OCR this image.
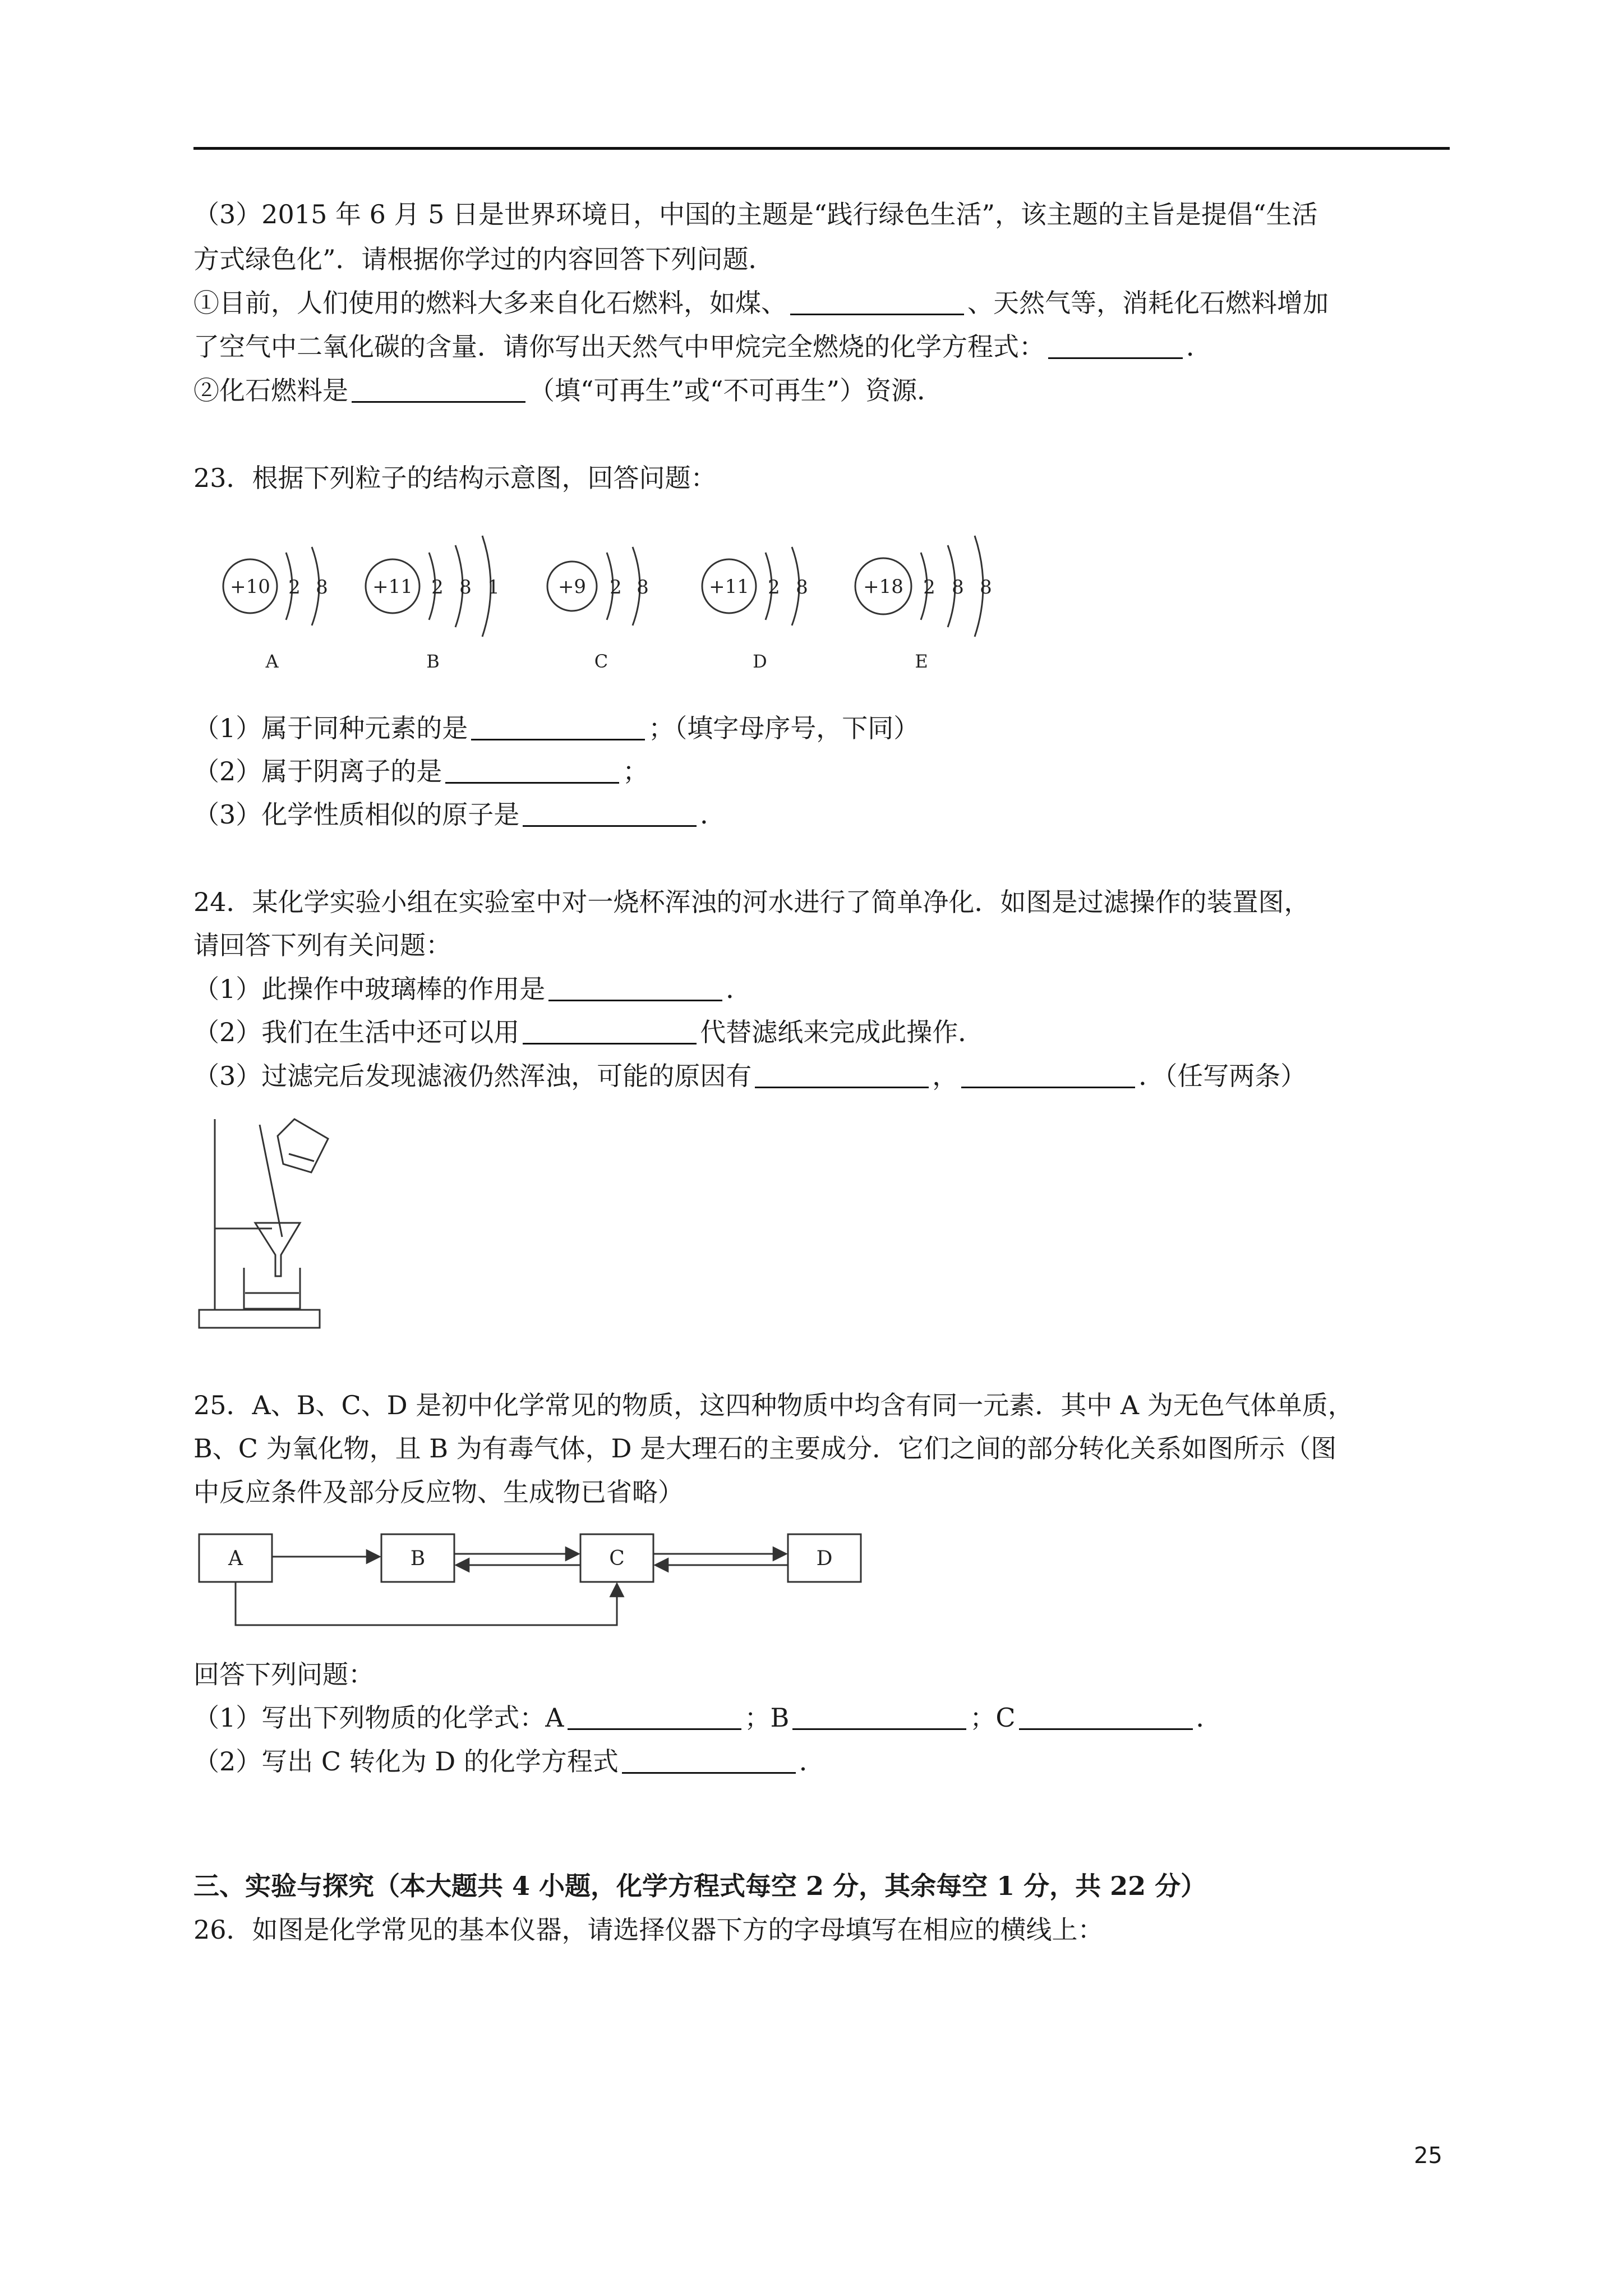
（3）2015 年 6 月 5 日是世界环境日，中国的主题是“践行绿色生活”，该主题的主旨是提倡“生活
方式绿色化”．请根据你学过的内容回答下列问题．
①目前，人们使用的燃料大多来自化石燃料，如煤、	、天然气等，消耗化石燃料增加
了空气中二氧化碳的含量．请你写出天然气中甲烷完全燃烧的化学方程式：	．
②化石燃料是	（填“可再生”或“不可再生”）资源．
23．根据下列粒子的结构示意图，回答问题：
+10 2 8
A
+11 2 8 1
B
+9 2 8
C
+11 2 8
D
+18 2 8 8
E
（1）属于同种元素的是	；（填字母序号，下同）
（2）属于阴离子的是	；
（3）化学性质相似的原子是	．
24．某化学实验小组在实验室中对一烧杯浑浊的河水进行了简单净化．如图是过滤操作的装置图，
请回答下列有关问题：
（1）此操作中玻璃棒的作用是	．
（2）我们在生活中还可以用	代替滤纸来完成此操作．
（3）过滤完后发现滤液仍然浑浊，可能的原因有	，	．（任写两条）
25．A、B、C、D 是初中化学常见的物质，这四种物质中均含有同一元素．其中 A 为无色气体单质，
B、C 为氧化物，且 B 为有毒气体，D 是大理石的主要成分．它们之间的部分转化关系如图所示（图
中反应条件及部分反应物、生成物已省略）
A	B	C	D
回答下列问题：
（1）写出下列物质的化学式：A	；B	；C	．
（2）写出 C 转化为 D 的化学方程式	．
三、实验与探究（本大题共 4 小题，化学方程式每空 2 分，其余每空 1 分，共 22 分）
26．如图是化学常见的基本仪器，请选择仪器下方的字母填写在相应的横线上：
25
